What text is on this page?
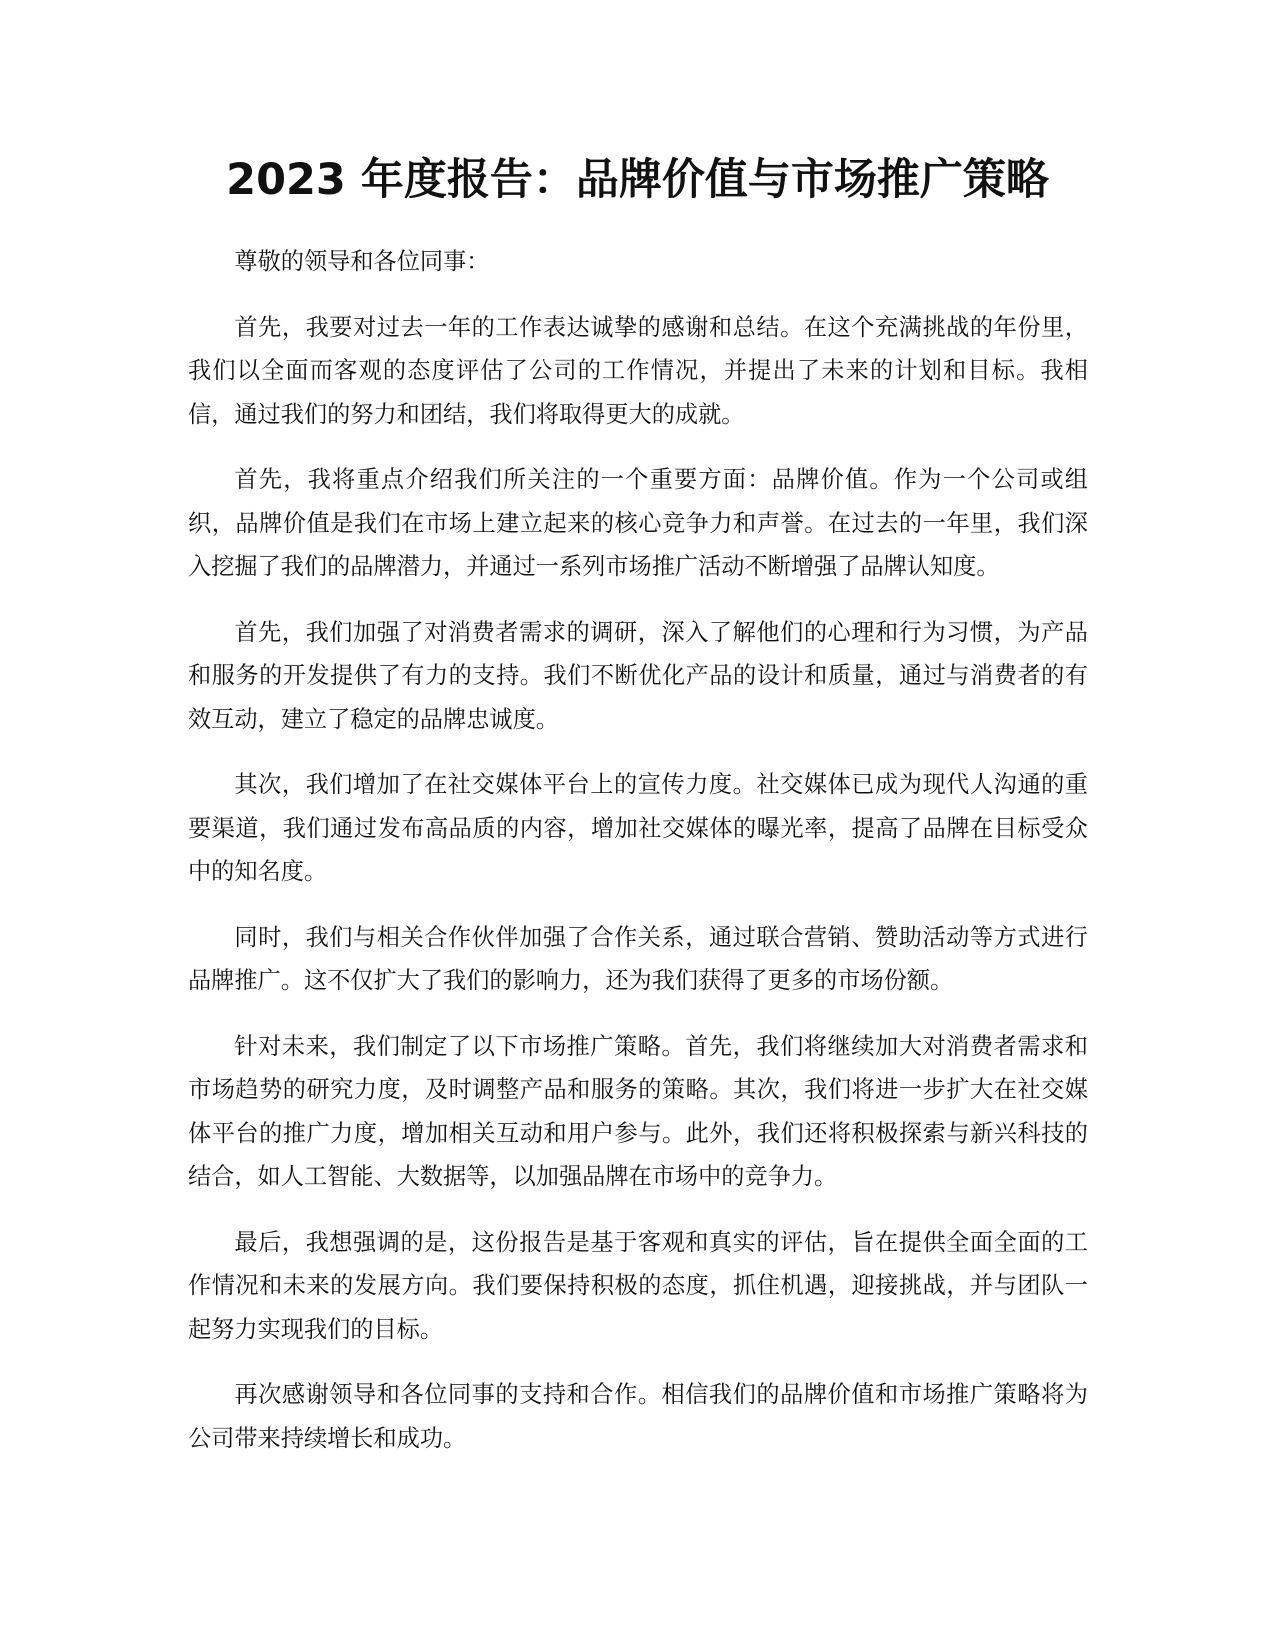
2023 年度报告：品牌价值与市场推广策略

尊敬的领导和各位同事：

首先，我要对过去一年的工作表达诚挚的感谢和总结。在这个充满挑战的年份里，我们以全面而客观的态度评估了公司的工作情况，并提出了未来的计划和目标。我相信，通过我们的努力和团结，我们将取得更大的成就。

首先，我将重点介绍我们所关注的一个重要方面：品牌价值。作为一个公司或组织，品牌价值是我们在市场上建立起来的核心竞争力和声誉。在过去的一年里，我们深入挖掘了我们的品牌潜力，并通过一系列市场推广活动不断增强了品牌认知度。

首先，我们加强了对消费者需求的调研，深入了解他们的心理和行为习惯，为产品和服务的开发提供了有力的支持。我们不断优化产品的设计和质量，通过与消费者的有效互动，建立了稳定的品牌忠诚度。

其次，我们增加了在社交媒体平台上的宣传力度。社交媒体已成为现代人沟通的重要渠道，我们通过发布高品质的内容，增加社交媒体的曝光率，提高了品牌在目标受众中的知名度。

同时，我们与相关合作伙伴加强了合作关系，通过联合营销、赞助活动等方式进行品牌推广。这不仅扩大了我们的影响力，还为我们获得了更多的市场份额。

针对未来，我们制定了以下市场推广策略。首先，我们将继续加大对消费者需求和市场趋势的研究力度，及时调整产品和服务的策略。其次，我们将进一步扩大在社交媒体平台的推广力度，增加相关互动和用户参与。此外，我们还将积极探索与新兴科技的结合，如人工智能、大数据等，以加强品牌在市场中的竞争力。

最后，我想强调的是，这份报告是基于客观和真实的评估，旨在提供全面全面的工作情况和未来的发展方向。我们要保持积极的态度，抓住机遇，迎接挑战，并与团队一起努力实现我们的目标。

再次感谢领导和各位同事的支持和合作。相信我们的品牌价值和市场推广策略将为公司带来持续增长和成功。
